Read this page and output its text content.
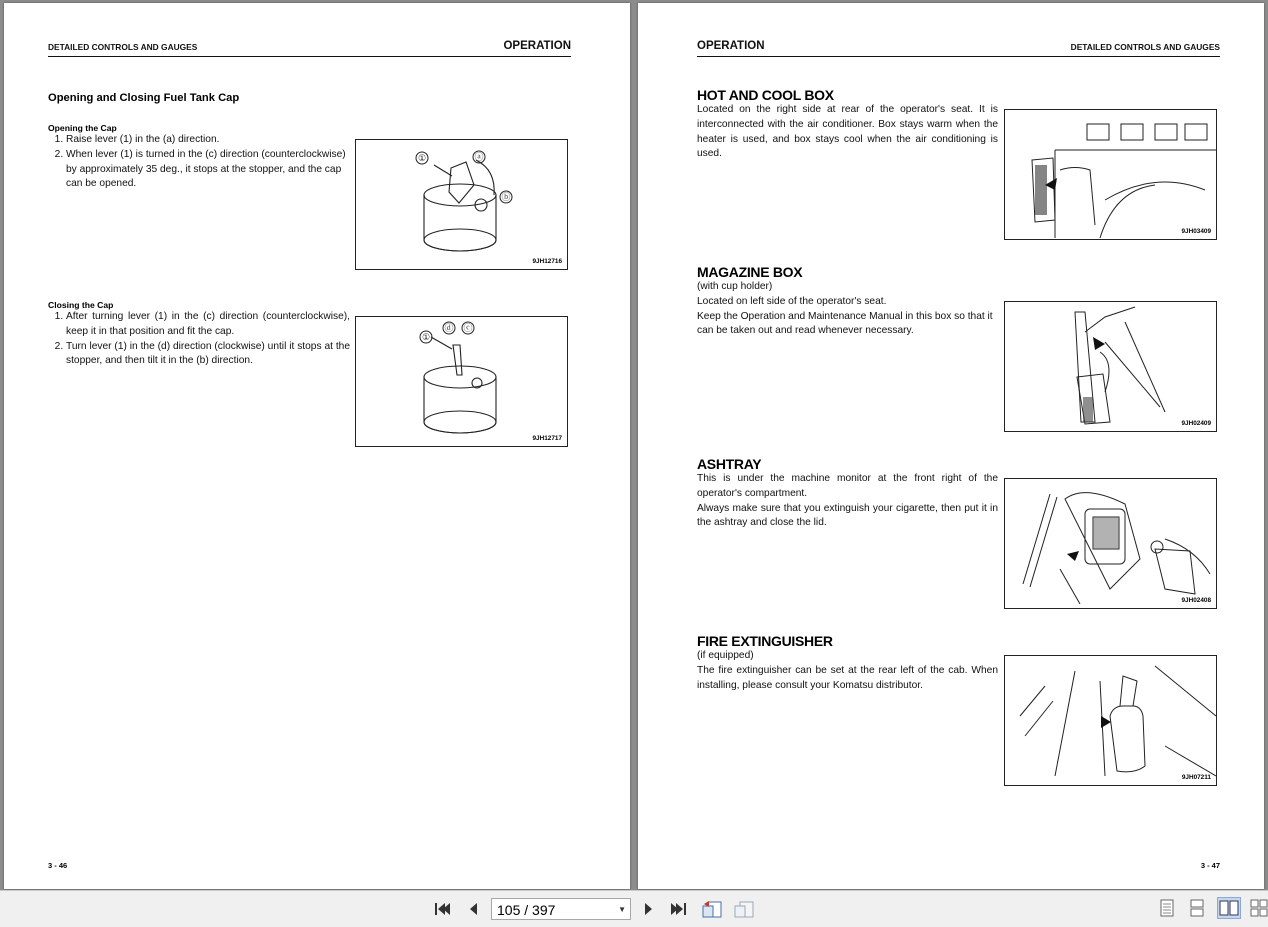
DETAILED CONTROLS AND GAUGES	OPERATION
Opening and Closing Fuel Tank Cap
Opening the Cap
1. Raise lever (1) in the (a) direction.
2. When lever (1) is turned in the (c) direction (counterclockwise) by approximately 35 deg., it stops at the stopper, and the cap can be opened.
①	ⓐ
ⓑ
9JH12716
Closing the Cap
1. After turning lever (1) in the (c) direction (counterclockwise), keep it in that position and fit the cap.
2. Turn lever (1) in the (d) direction (clockwise) until it stops at the stopper, and then tilt it in the (b) direction.
①
ⓓ ⓒ
9JH12717
3 - 46
OPERATION	DETAILED CONTROLS AND GAUGES
HOT AND COOL BOX
Located on the right side at rear of the operator's seat. It is interconnected with the air conditioner. Box stays warm when the heater is used, and box stays cool when the air conditioning is used.
9JH03409
MAGAZINE BOX
(with cup holder)
Located on left side of the operator's seat.
Keep the Operation and Maintenance Manual in this box so that it can be taken out and read whenever necessary.
9JH02409
ASHTRAY
This is under the machine monitor at the front right of the operator's compartment.
Always make sure that you extinguish your cigarette, then put it in the ashtray and close the lid.
9JH02408
FIRE EXTINGUISHER
(if equipped)
The fire extinguisher can be set at the rear left of the cab. When installing, please consult your Komatsu distributor.
9JH07211
3 - 47
105 / 397	▼
